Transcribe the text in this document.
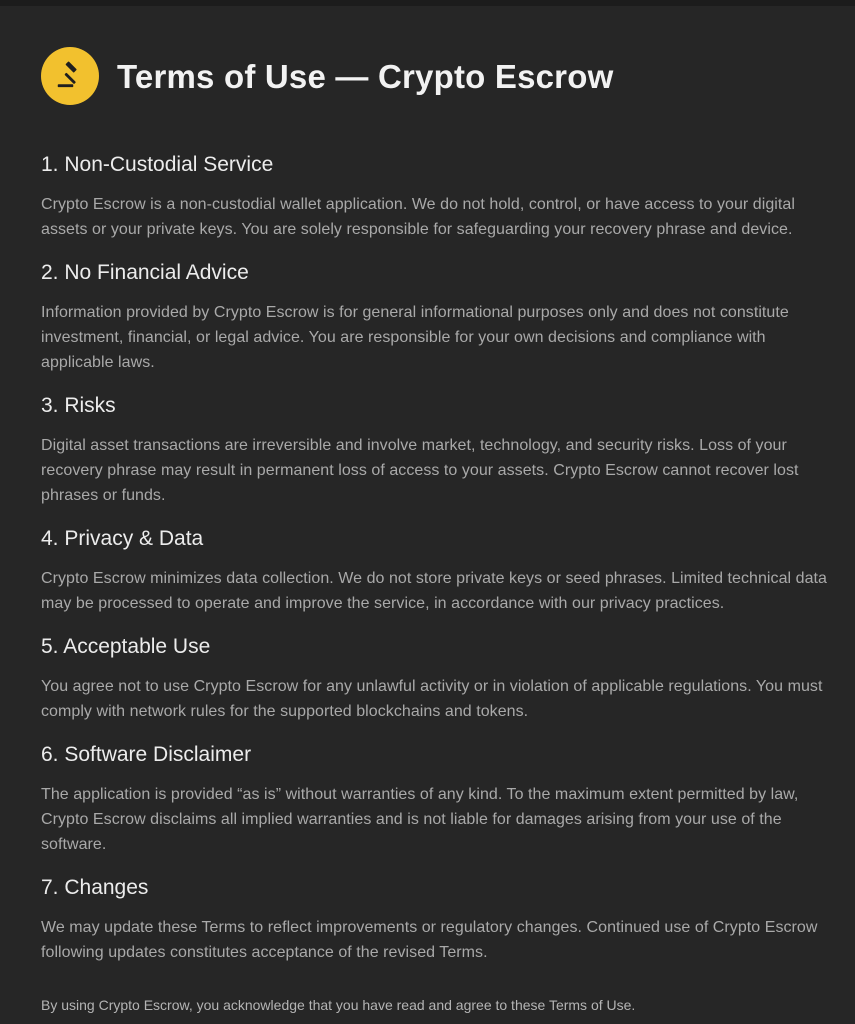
Terms of Use — Crypto Escrow
1. Non-Custodial Service

Crypto Escrow is a non-custodial wallet application. We do not hold, control, or have access to your digital assets or your private keys. You are solely responsible for safeguarding your recovery phrase and device.

2. No Financial Advice

Information provided by Crypto Escrow is for general informational purposes only and does not constitute investment, financial, or legal advice. You are responsible for your own decisions and compliance with applicable laws.

3. Risks

Digital asset transactions are irreversible and involve market, technology, and security risks. Loss of your recovery phrase may result in permanent loss of access to your assets. Crypto Escrow cannot recover lost phrases or funds.

4. Privacy & Data

Crypto Escrow minimizes data collection. We do not store private keys or seed phrases. Limited technical data may be processed to operate and improve the service, in accordance with our privacy practices.

5. Acceptable Use

You agree not to use Crypto Escrow for any unlawful activity or in violation of applicable regulations. You must comply with network rules for the supported blockchains and tokens.

6. Software Disclaimer

The application is provided “as is” without warranties of any kind. To the maximum extent permitted by law, Crypto Escrow disclaims all implied warranties and is not liable for damages arising from your use of the software.

7. Changes

We may update these Terms to reflect improvements or regulatory changes. Continued use of Crypto Escrow following updates constitutes acceptance of the revised Terms.

By using Crypto Escrow, you acknowledge that you have read and agree to these Terms of Use.
